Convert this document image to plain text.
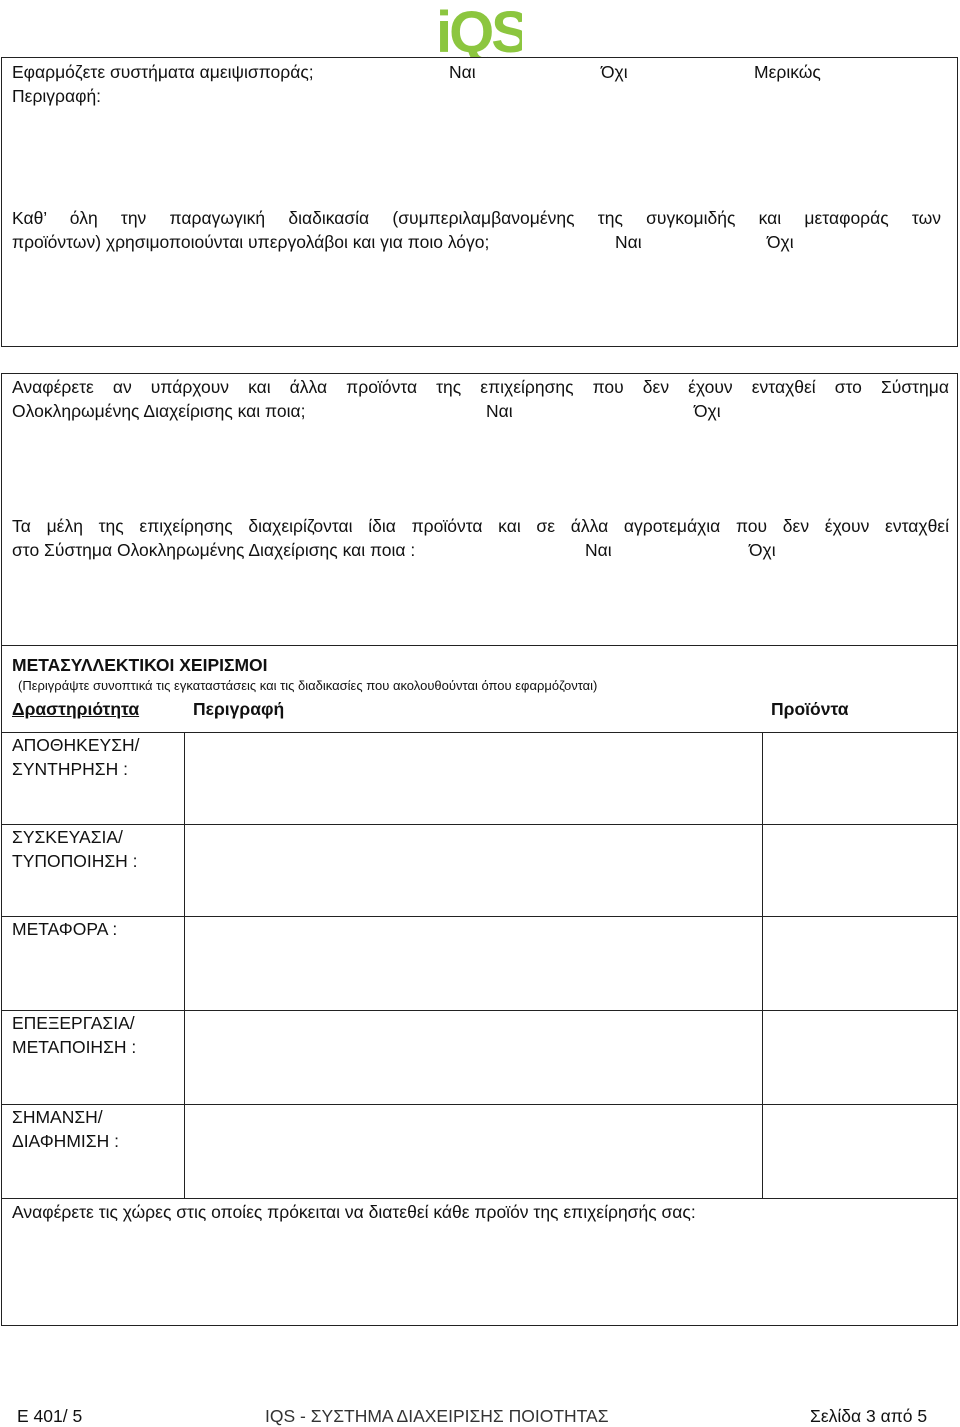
iQS
Εφαρμόζετε συστήματα αμειψισποράς;	Ναι	Όχι	Μερικώς
Περιγραφή:
Καθ’ όλη την παραγωγική διαδικασία (συμπεριλαμβανομένης της συγκομιδής και μεταφοράς των
προϊόντων) χρησιμοποιούνται υπεργολάβοι και για ποιο λόγο;	Ναι	Όχι
Αναφέρετε αν υπάρχουν και άλλα προϊόντα της επιχείρησης που δεν έχουν ενταχθεί στο Σύστημα
Ολοκληρωμένης Διαχείρισης και ποια;	Ναι	Όχι
Τα μέλη της επιχείρησης διαχειρίζονται ίδια προϊόντα και σε άλλα αγροτεμάχια που δεν έχουν ενταχθεί
στο Σύστημα Ολοκληρωμένης Διαχείρισης και ποια :	Ναι	Όχι
ΜΕΤΑΣΥΛΛΕΚΤΙΚΟΙ ΧΕΙΡΙΣΜΟΙ
(Περιγράψτε συνοπτικά τις εγκαταστάσεις και τις διαδικασίες που ακολουθούνται όπου εφαρμόζονται)
Δραστηριότητα	Περιγραφή	Προϊόντα
ΑΠΟΘΗΚΕΥΣΗ/
ΣΥΝΤΗΡΗΣΗ :
ΣΥΣΚΕΥΑΣΙΑ/
ΤΥΠΟΠΟΙΗΣΗ :
ΜΕΤΑΦΟΡΑ :
ΕΠΕΞΕΡΓΑΣΙΑ/
ΜΕΤΑΠΟΙΗΣΗ :
ΣΗΜΑΝΣΗ/
ΔΙΑΦΗΜΙΣΗ :
Αναφέρετε τις χώρες στις οποίες πρόκειται να διατεθεί κάθε προϊόν της επιχείρησής σας:
Ε 401/ 5	IQS - ΣΥΣΤΗΜΑ ΔΙΑΧΕΙΡΙΣΗΣ ΠΟΙΟΤΗΤΑΣ	Σελίδα 3 από 5
